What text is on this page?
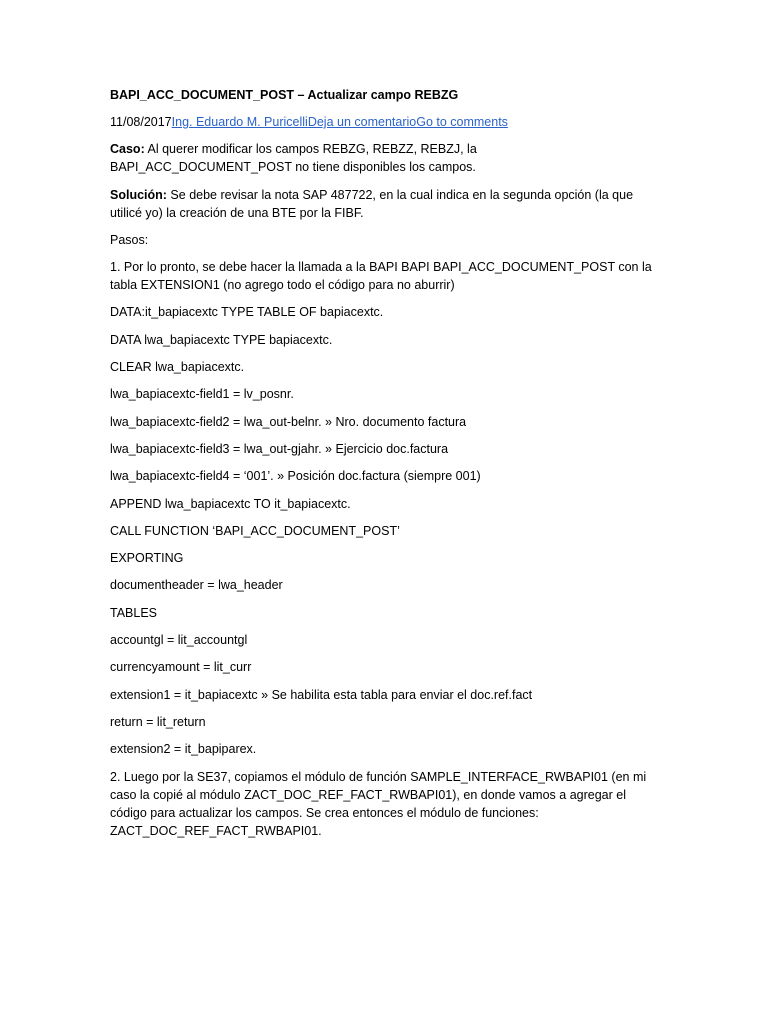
BAPI_ACC_DOCUMENT_POST – Actualizar campo REBZG

11/08/2017Ing. Eduardo M. PuricelliDeja un comentarioGo to comments

Caso: Al querer modificar los campos REBZG, REBZZ, REBZJ, la BAPI_ACC_DOCUMENT_POST no tiene disponibles los campos.

Solución: Se debe revisar la nota SAP 487722, en la cual indica en la segunda opción (la que utilicé yo) la creación de una BTE por la FIBF.

Pasos:

1. Por lo pronto, se debe hacer la llamada a la BAPI BAPI BAPI_ACC_DOCUMENT_POST con la tabla EXTENSION1 (no agrego todo el código para no aburrir)

DATA:it_bapiacextc TYPE TABLE OF bapiacextc.

DATA lwa_bapiacextc TYPE bapiacextc.

CLEAR lwa_bapiacextc.

lwa_bapiacextc-field1 = lv_posnr.

lwa_bapiacextc-field2 = lwa_out-belnr. » Nro. documento factura

lwa_bapiacextc-field3 = lwa_out-gjahr. » Ejercicio doc.factura

lwa_bapiacextc-field4 = ‘001’. » Posición doc.factura (siempre 001)

APPEND lwa_bapiacextc TO it_bapiacextc.

CALL FUNCTION ‘BAPI_ACC_DOCUMENT_POST’

EXPORTING

documentheader = lwa_header

TABLES

accountgl = lit_accountgl

currencyamount = lit_curr

extension1 = it_bapiacextc » Se habilita esta tabla para enviar el doc.ref.fact

return = lit_return

extension2 = it_bapiparex.

2. Luego por la SE37, copiamos el módulo de función SAMPLE_INTERFACE_RWBAPI01 (en mi caso la copié al módulo ZACT_DOC_REF_FACT_RWBAPI01), en donde vamos a agregar el código para actualizar los campos. Se crea entonces el módulo de funciones: ZACT_DOC_REF_FACT_RWBAPI01.
